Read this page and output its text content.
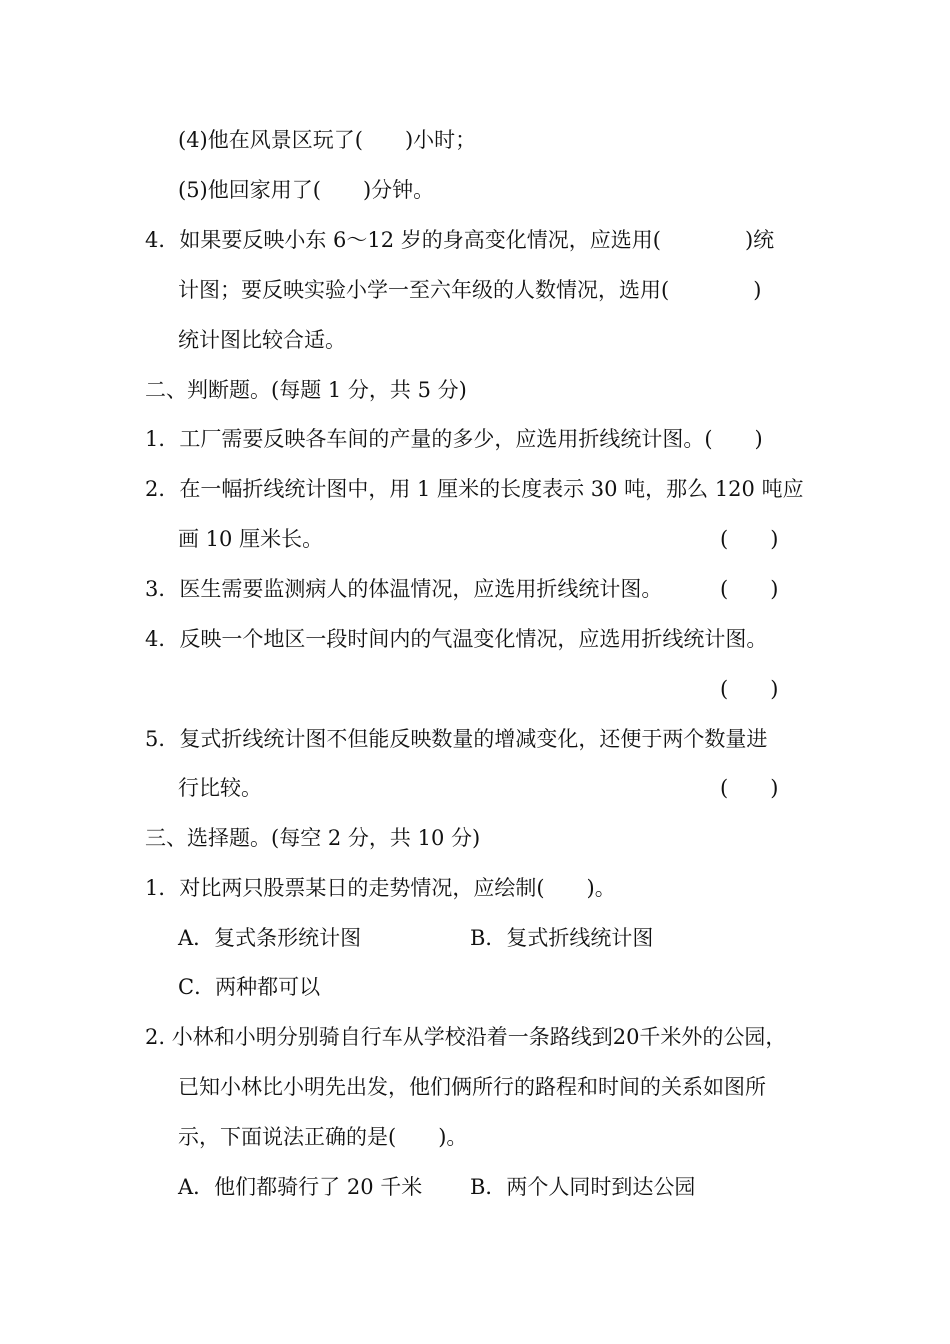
(4)他在风景区玩了(　　)小时；
(5)他回家用了(　　)分钟。
4．如果要反映小东 6～12 岁的身高变化情况，应选用(　　　　)统
计图；要反映实验小学一至六年级的人数情况，选用(　　　　)
统计图比较合适。
二、判断题。(每题 1 分，共 5 分)
1．工厂需要反映各车间的产量的多少，应选用折线统计图。(　　)
2．在一幅折线统计图中，用 1 厘米的长度表示 30 吨，那么 120 吨应
画 10 厘米长。	(　　)
3．医生需要监测病人的体温情况，应选用折线统计图。	(　　)
4．反映一个地区一段时间内的气温变化情况，应选用折线统计图。
(　　)
5．复式折线统计图不但能反映数量的增减变化，还便于两个数量进
行比较。	(　　)
三、选择题。(每空 2 分，共 10 分)
1．对比两只股票某日的走势情况，应绘制(　　)。
A．复式条形统计图	B．复式折线统计图
C．两种都可以
2. 小林和小明分别骑自行车从学校沿着一条路线到20千米外的公园，
已知小林比小明先出发，他们俩所行的路程和时间的关系如图所
示，下面说法正确的是(　　)。
A．他们都骑行了 20 千米 B．两个人同时到达公园
